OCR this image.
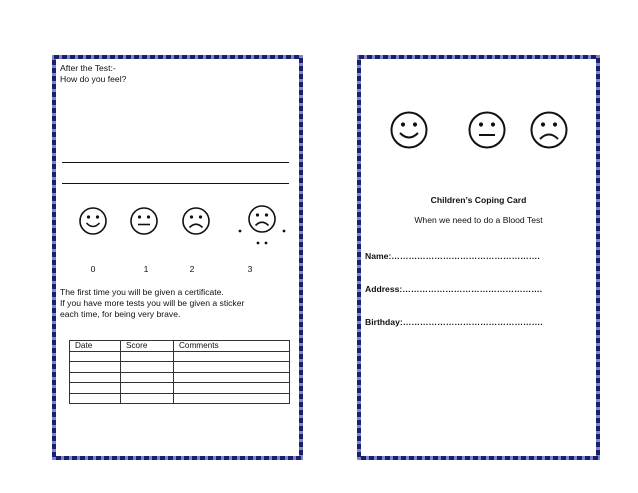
After the Test:-
How do you feel?
0	1	2	3
The first time you will be given a certificate.
If you have more tests you will be given a sticker
each time, for being very brave.
Date	Score	Comments

Children’s Coping Card
When we need to do a Blood Test
Name:…………………………………………….
Address:………………………………………….
Birthday:………………………………………….
